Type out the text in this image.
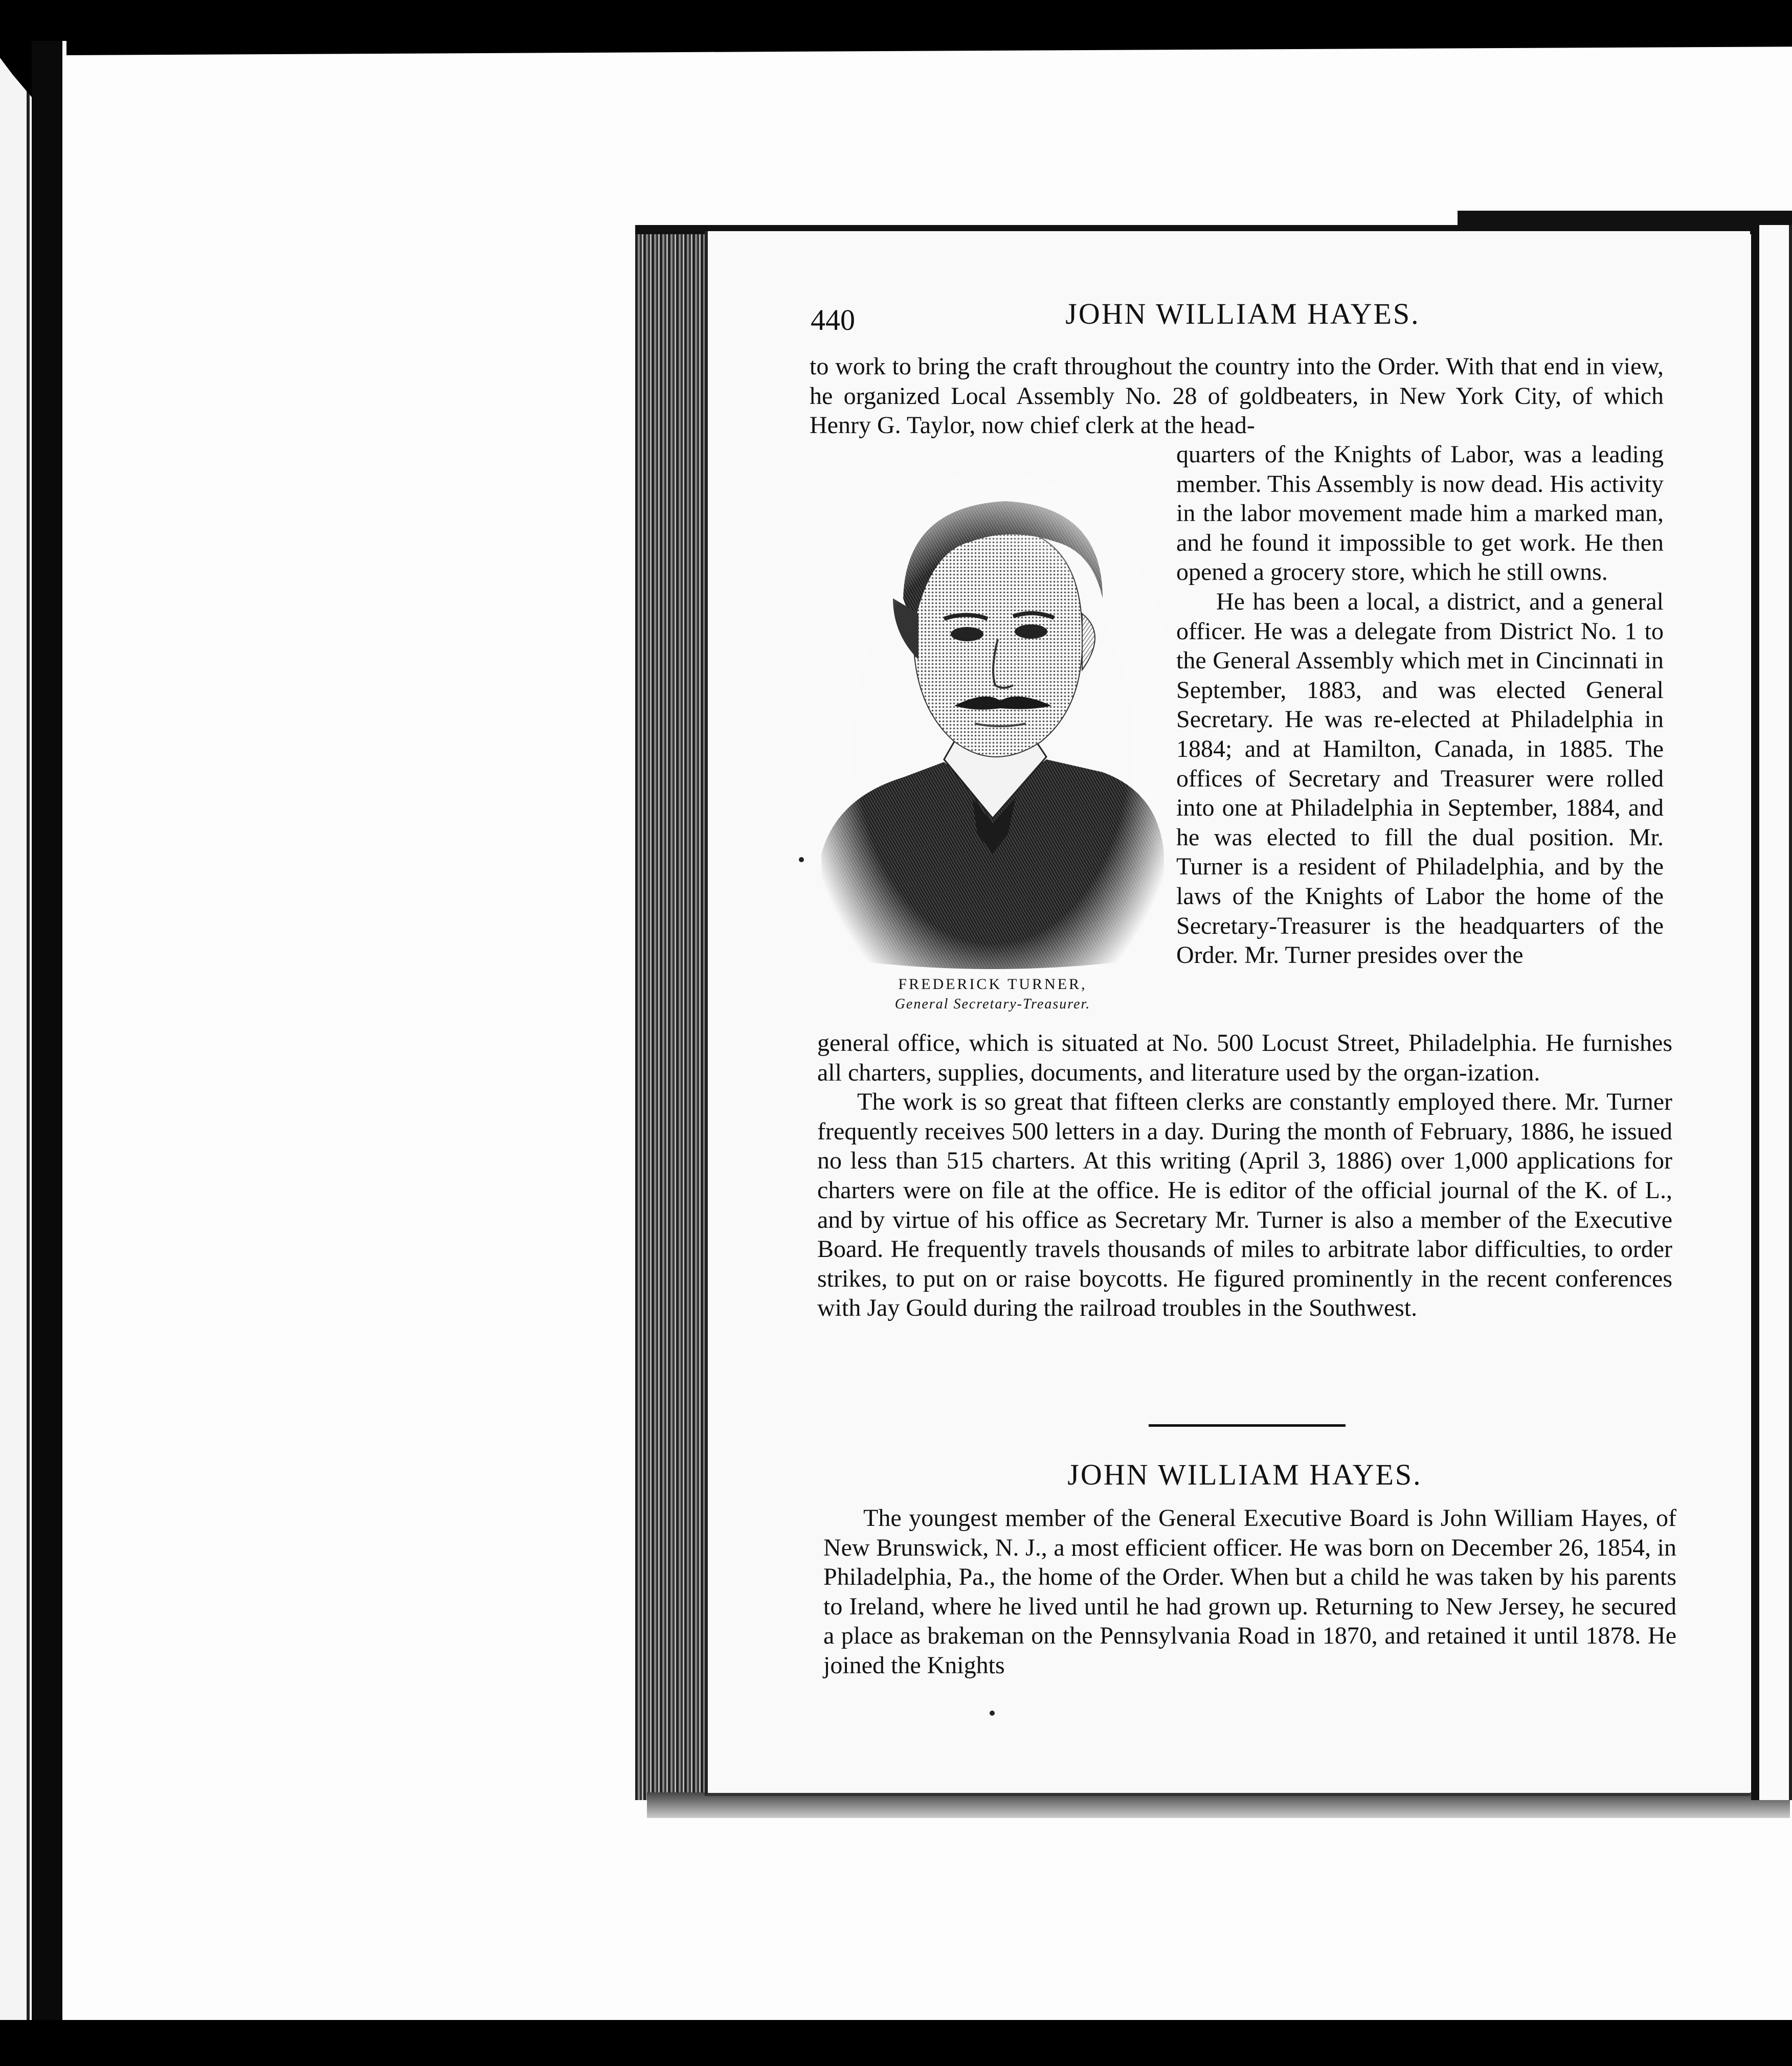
440	JOHN WILLIAM HAYES.

to work to bring the craft throughout the country into the Order. With that end in view, he organized Local Assembly No. 28 of goldbeaters, in New York City, of which Henry G. Taylor, now chief clerk at the head-

quarters of the Knights of Labor, was a leading member. This Assembly is now dead. His activity in the labor movement made him a marked man, and he found it impossible to get work. He then opened a grocery store, which he still owns.

He has been a local, a district, and a general officer. He was a delegate from District No. 1 to the General Assembly which met in Cincinnati in September, 1883, and was elected General Secretary. He was re-elected at Philadelphia in 1884; and at Hamilton, Canada, in 1885. The offices of Secretary and Treasurer were rolled into one at Philadelphia in September, 1884, and he was elected to fill the dual position. Mr. Turner is a resident of Philadelphia, and by the laws of the Knights of Labor the home of the Secretary-Treasurer is the headquarters of the Order. Mr. Turner presides over the

FREDERICK TURNER,
General Secretary-Treasurer.

general office, which is situated at No. 500 Locust Street, Philadelphia. He furnishes all charters, supplies, documents, and literature used by the organ-ization.

The work is so great that fifteen clerks are constantly employed there. Mr. Turner frequently receives 500 letters in a day. During the month of February, 1886, he issued no less than 515 charters. At this writing (April 3, 1886) over 1,000 applications for charters were on file at the office. He is editor of the official journal of the K. of L., and by virtue of his office as Secretary Mr. Turner is also a member of the Executive Board. He frequently travels thousands of miles to arbitrate labor difficulties, to order strikes, to put on or raise boycotts. He figured prominently in the recent conferences with Jay Gould during the railroad troubles in the Southwest.

JOHN WILLIAM HAYES.

The youngest member of the General Executive Board is John William Hayes, of New Brunswick, N. J., a most efficient officer. He was born on December 26, 1854, in Philadelphia, Pa., the home of the Order. When but a child he was taken by his parents to Ireland, where he lived until he had grown up. Returning to New Jersey, he secured a place as brakeman on the Pennsylvania Road in 1870, and retained it until 1878. He joined the Knights
